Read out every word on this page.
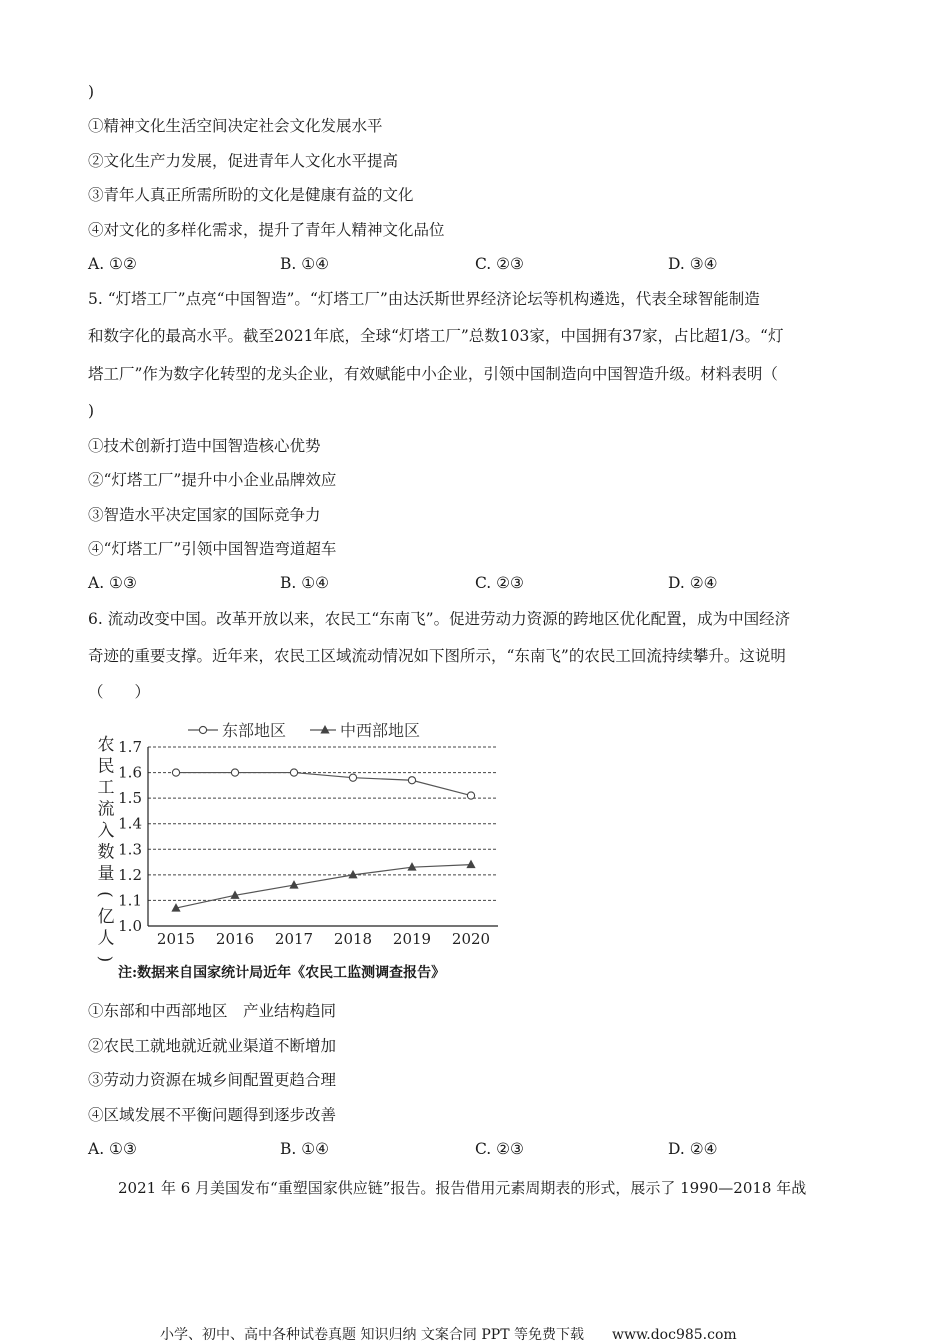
)
①精神文化生活空间决定社会文化发展水平
②文化生产力发展，促进青年人文化水平提高
③青年人真正所需所盼的文化是健康有益的文化
④对文化的多样化需求，提升了青年人精神文化品位
A. ①②	B. ①④	C. ②③	D. ③④
5. “灯塔工厂”点亮“中国智造”。“灯塔工厂”由达沃斯世界经济论坛等机构遴选，代表全球智能制造
和数字化的最高水平。截至2021年底，全球“灯塔工厂”总数103家，中国拥有37家，占比超1/3。“灯
塔工厂”作为数字化转型的龙头企业，有效赋能中小企业，引领中国制造向中国智造升级。材料表明（
)
①技术创新打造中国智造核心优势
②“灯塔工厂”提升中小企业品牌效应
③智造水平决定国家的国际竞争力
④“灯塔工厂”引领中国智造弯道超车
A. ①③	B. ①④	C. ②③	D. ②④
6. 流动改变中国。改革开放以来，农民工“东南飞”。促进劳动力资源的跨地区优化配置，成为中国经济
奇迹的重要支撑。近年来，农民工区域流动情况如下图所示，“东南飞”的农民工回流持续攀升。这说明
（　　）
东部地区	中西部地区
农
民
工
流
入
数
量
(
亿
人
)
1.0
1.1
1.2
1.3
1.4
1.5
1.6
1.7
2015 2016 2017 2018 2019 2020
注:数据来自国家统计局近年《农民工监测调查报告》
①东部和中西部地区　产业结构趋同
②农民工就地就近就业渠道不断增加
③劳动力资源在城乡间配置更趋合理
④区域发展不平衡问题得到逐步改善
A. ①③	B. ①④	C. ②③	D. ②④
2021 年 6 月美国发布“重塑国家供应链”报告。报告借用元素周期表的形式，展示了 1990—2018 年战
小学、初中、高中各种试卷真题 知识归纳 文案合同 PPT 等免费下载　　www.doc985.com
